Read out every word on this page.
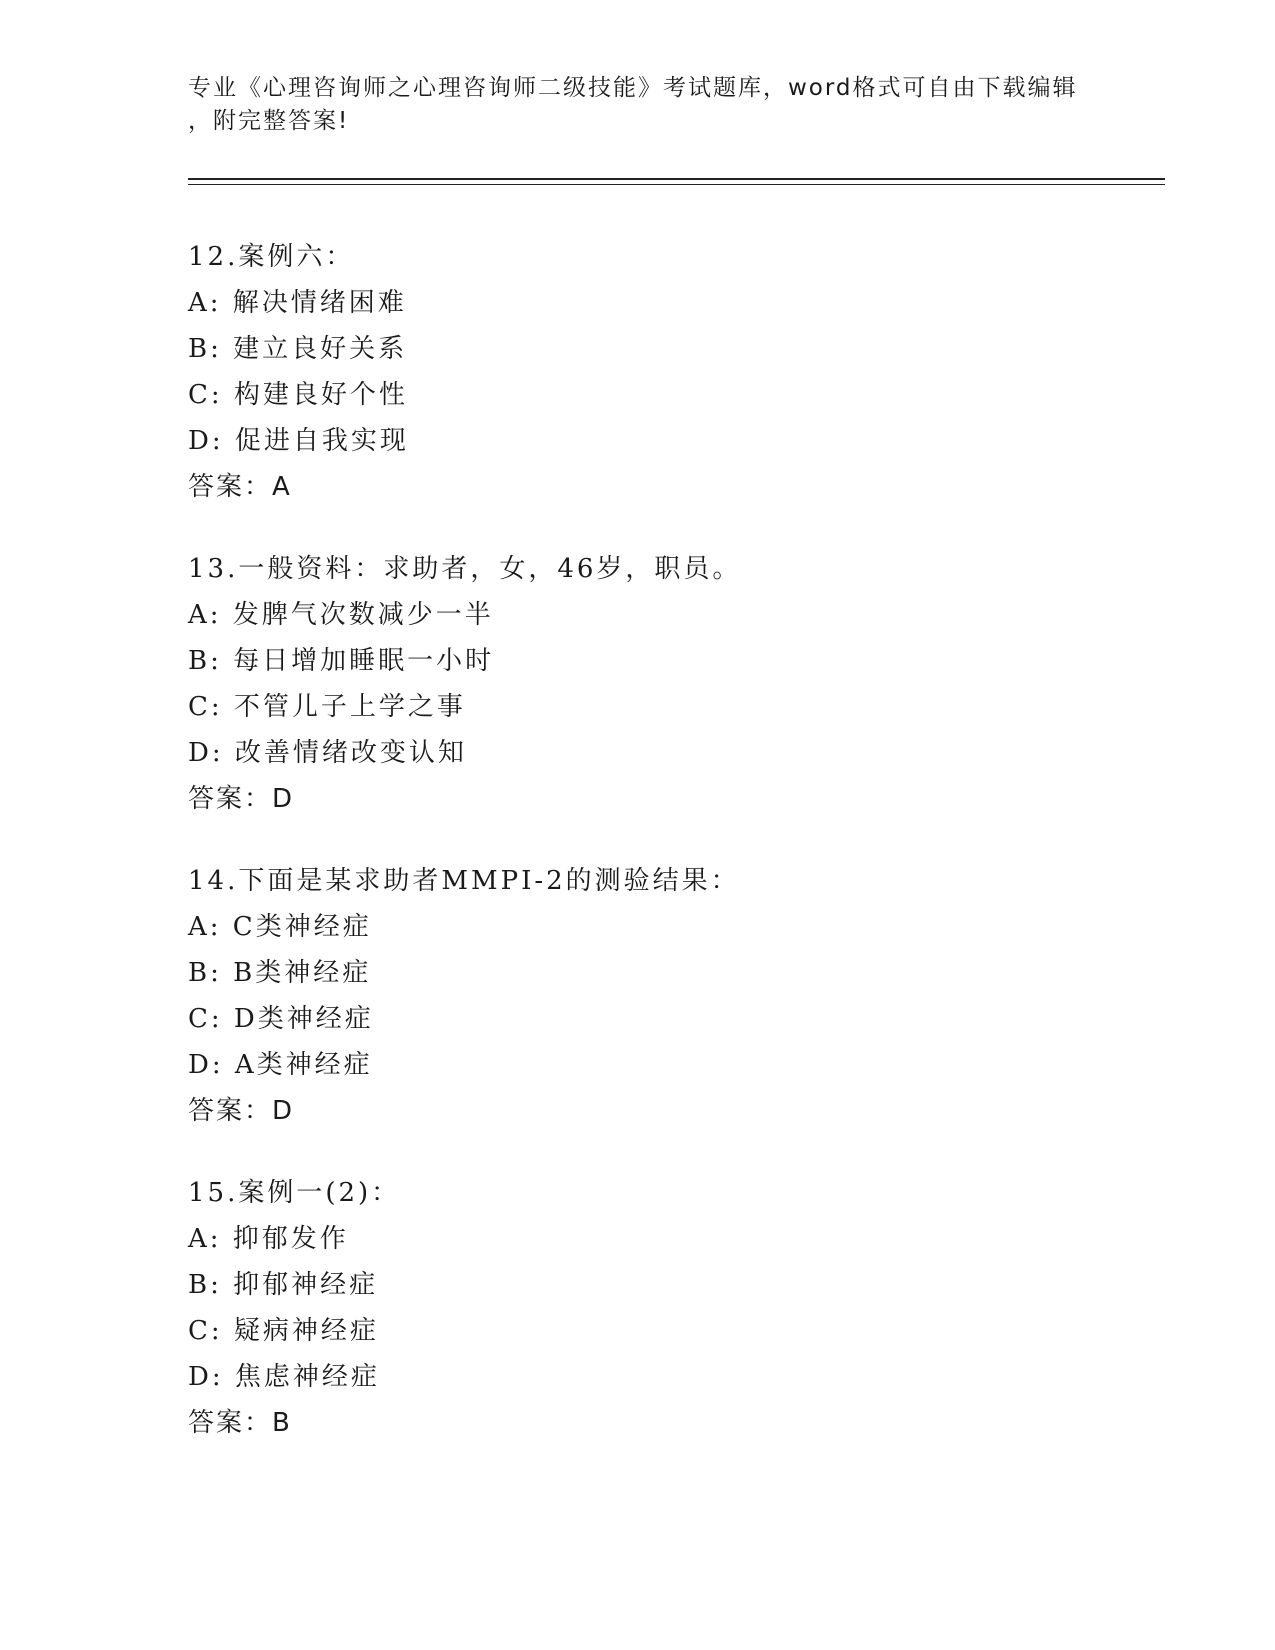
专业《心理咨询师之心理咨询师二级技能》考试题库，word格式可自由下载编辑
，附完整答案!
12.案例六：
A: 解决情绪困难
B: 建立良好关系
C: 构建良好个性
D: 促进自我实现
答案：A
13.一般资料：求助者，女，46岁，职员。
A: 发脾气次数减少一半
B: 每日增加睡眠一小时
C: 不管儿子上学之事
D: 改善情绪改变认知
答案：D
14.下面是某求助者MMPI-2的测验结果：
A: C类神经症
B: B类神经症
C: D类神经症
D: A类神经症
答案：D
15.案例一(2)：
A: 抑郁发作
B: 抑郁神经症
C: 疑病神经症
D: 焦虑神经症
答案：B
